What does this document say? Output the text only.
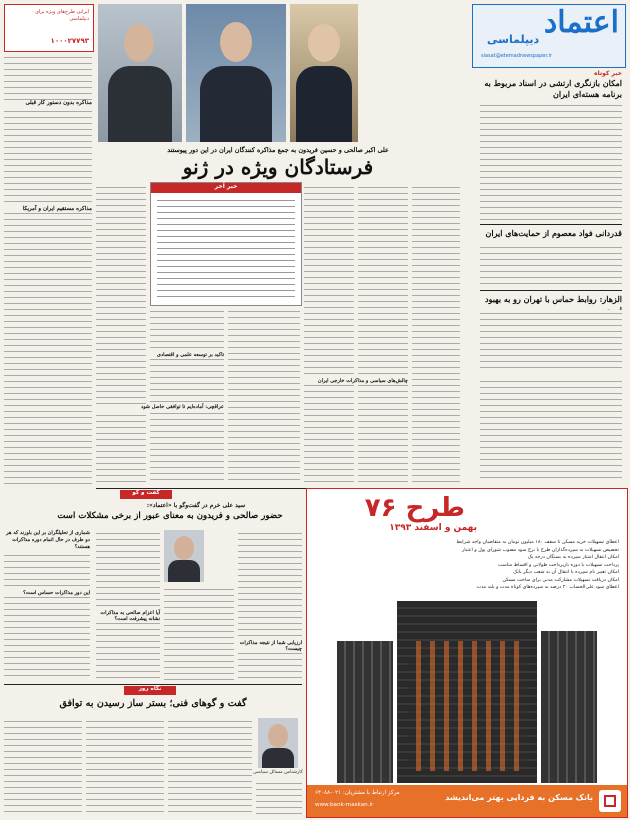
اعتماد
دیپلماسی
siasat@etemadnewspaper.ir
خبر کوتاه
امکان بازنگری ارتشی در اسناد مربوط به برنامه هسته‌ای ایران
قدردانی فواد معصوم از حمایت‌های ایران
الزهار: روابط حماس با تهران رو به بهبود
ایرانی طرح‌های ویژه برای دیپلماسی
۱۰۰۰۲۷۷۹۳
مذاکره بدون دستور کار قبلی
مذاکره مستقیم ایران و آمریکا
علی اکبر صالحی و حسین فریدون به جمع مذاکره کنندگان ایران در این دور پیوستند
فرستادگان ویژه در ژنو
خبر آخر
تاکید بر توسعه علمی و اقتصادی
عراقچی: آماده‌ایم تا توافقی حاصل شود
چالش‌های سیاسی و مذاکرات خارجی ایران
گفت و گو
سید علی خرم در گفت‌وگو با «اعتماد»:
حضور صالحی و فریدون به معنای عبور از برخی مشکلات است
شماری از تحلیلگران بر این باورند که هر دو طرف در حال اتمام دوره مذاکرات هستند؟
این دور مذاکرات حساس است؟
آیا اعزام صالحی به مذاکرات نشانه پیشرفت است؟
ارزیابی شما از نتیجه مذاکرات چیست؟
نگاه روز
گفت و گوهای فنی؛ بستر ساز رسیدن به توافق
کارشناس مسائل سیاسی
طرح ۷۶
بهمن و اسفند ۱۳۹۳
اعطای تسهیلات خرید مسکن تا سقف ۱۸۰ میلیون تومان به متقاضیان واجد شرایط
تخصیص تسهیلات به سپرده‌گذاران طرح با نرخ سود مصوب شورای پول و اعتبار
امکان انتقال امتیاز سپرده به بستگان درجه یک
پرداخت تسهیلات با دوره بازپرداخت طولانی و اقساط مناسب
امکان تغییر نام سپرده یا انتقال آن به شعب دیگر بانک
امکان دریافت تسهیلات مشارکت مدنی برای ساخت مسکن
اعطای سود علی‌الحساب ۲۰ درصد به سپرده‌های کوتاه مدت و بلند مدت
بانک مسکن به فردایی بهتر می‌اندیشد
مرکز ارتباط با مشتریان: ۰۲۱-۶۴۰۸۸
www.bank-maskan.ir
